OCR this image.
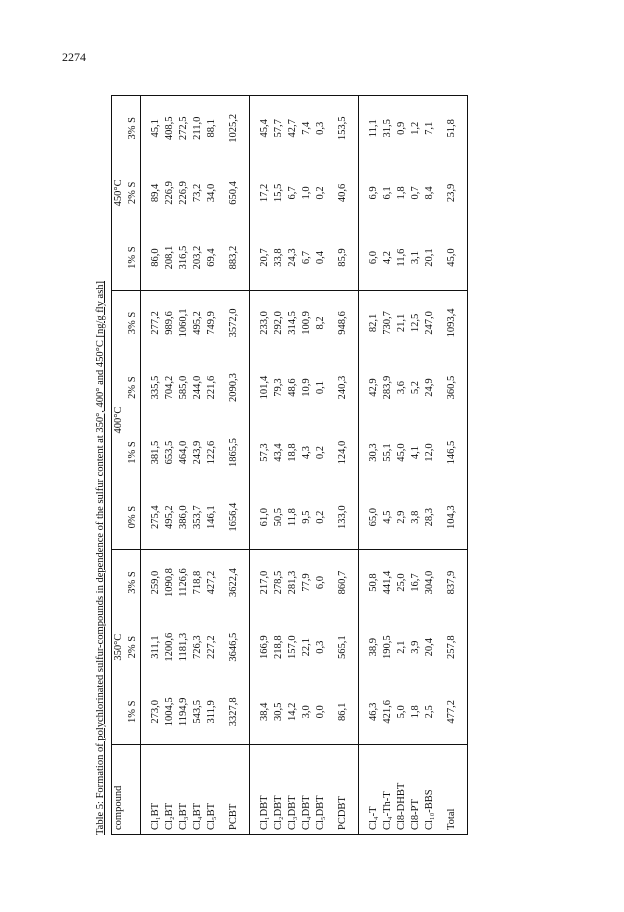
2274
Table 5: Formation of polychlorinated sulfur-compounds in dependence of the sulfur content at 350°, 400° and 450°C [ng/g fly ash] compound	350°C			400°C				450°C		
	1% S	2% S	3% S	0% S	1% S	2% S	3% S	1% S	2% S	3% S

Cl₁BT	273,0	311,1	259,0	275,4	381,5	335,5	277,2	86,0	89,4	45,1
Cl₂BT	1004,5	1200,6	1090,8	495,2	653,5	704,2	989,6	208,1	226,9	408,5
Cl₃BT	1194,9	1181,3	1126,6	386,0	464,0	585,0	1060,1	316,5	226,9	272,5
Cl₄BT	543,5	726,3	718,8	353,7	243,9	244,0	495,2	203,2	73,2	211,0
Cl₅BT	311,9	227,2	427,2	146,1	122,6	221,6	749,9	69,4	34,0	88,1

PCBT	3327,8	3646,5	3622,4	1656,4	1865,5	2090,3	3572,0	883,2	650,4	1025,2

Cl₁DBT	38,4	166,9	217,0	61,0	57,3	101,4	233,0	20,7	17,2	45,4
Cl₂DBT	30,5	218,8	278,5	50,5	43,4	79,3	292,0	33,8	15,5	57,7
Cl₃DBT	14,2	157,0	281,3	11,8	18,8	48,6	314,5	24,3	6,7	42,7
Cl₄DBT	3,0	22,1	77,9	9,5	4,3	10,9	100,9	6,7	1,0	7,4
Cl₅DBT	0,0	0,3	6,0	0,2	0,2	0,1	8,2	0,4	0,2	0,3

PCDBT	86,1	565,1	860,7	133,0	124,0	240,3	948,6	85,9	40,6	153,5

Cl₄-T	46,3	38,9	50,8	65,0	30,3	42,9	82,1	6,0	6,9	11,1
Cl₄-Th-T	421,6	190,5	441,4	4,5	55,1	283,9	730,7	4,2	6,1	31,5
Cl8-DHBT	5,0	2,1	25,0	2,9	45,0	3,6	21,1	11,6	1,8	0,9
Cl8-PT	1,8	3,9	16,7	3,8	4,1	5,2	12,5	3,1	0,7	1,2
Cl₁₀-BBS	2,5	20,4	304,0	28,3	12,0	24,9	247,0	20,1	8,4	7,1

Total	477,2	257,8	837,9	104,3	146,5	360,5	1093,4	45,0	23,9	51,8
